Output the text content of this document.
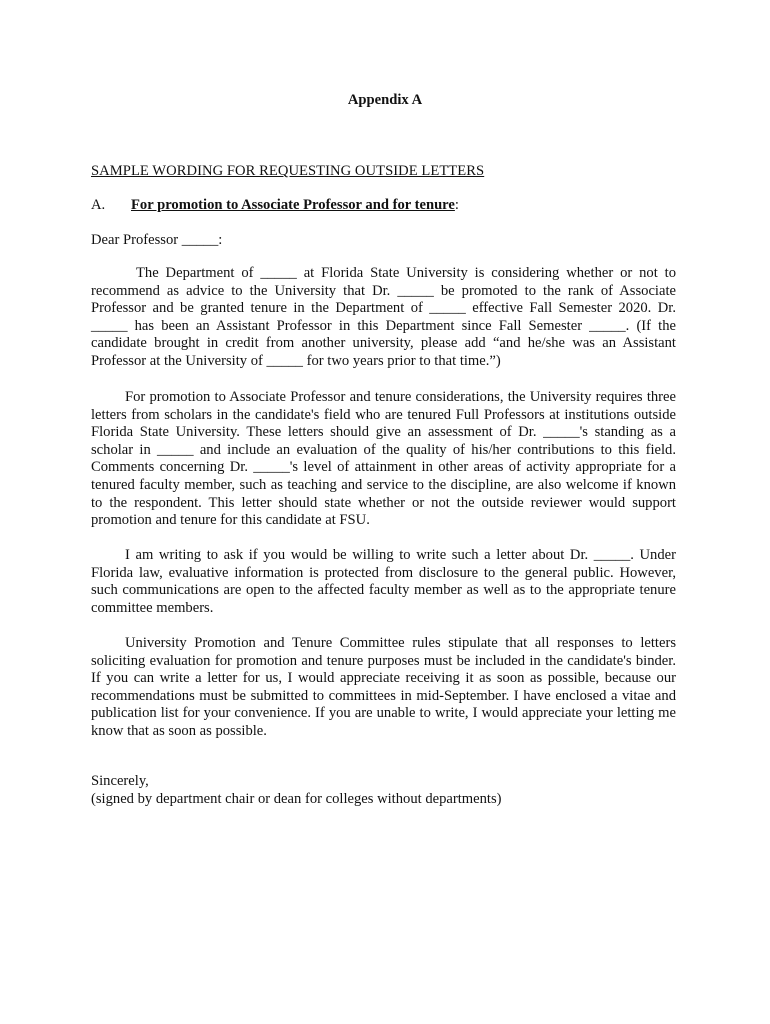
Appendix A
SAMPLE WORDING FOR REQUESTING OUTSIDE LETTERS
A. For promotion to Associate Professor and for tenure:
Dear Professor _____:

The Department of _____ at Florida State University is considering whether or not to recommend as advice to the University that Dr. _____ be promoted to the rank of Associate Professor and be granted tenure in the Department of _____ effective Fall Semester 2020. Dr. _____ has been an Assistant Professor in this Department since Fall Semester _____. (If the candidate brought in credit from another university, please add “and he/she was an Assistant Professor at the University of _____ for two years prior to that time.”)

For promotion to Associate Professor and tenure considerations, the University requires three letters from scholars in the candidate's field who are tenured Full Professors at institutions outside Florida State University. These letters should give an assessment of Dr. _____'s standing as a scholar in _____ and include an evaluation of the quality of his/her contributions to this field. Comments concerning Dr. _____'s level of attainment in other areas of activity appropriate for a tenured faculty member, such as teaching and service to the discipline, are also welcome if known to the respondent. This letter should state whether or not the outside reviewer would support promotion and tenure for this candidate at FSU.

I am writing to ask if you would be willing to write such a letter about Dr. _____. Under Florida law, evaluative information is protected from disclosure to the general public. However, such communications are open to the affected faculty member as well as to the appropriate tenure committee members.

University Promotion and Tenure Committee rules stipulate that all responses to letters soliciting evaluation for promotion and tenure purposes must be included in the candidate's binder. If you can write a letter for us, I would appreciate receiving it as soon as possible, because our recommendations must be submitted to committees in mid-September. I have enclosed a vitae and publication list for your convenience. If you are unable to write, I would appreciate your letting me know that as soon as possible.

Sincerely,
(signed by department chair or dean for colleges without departments)
